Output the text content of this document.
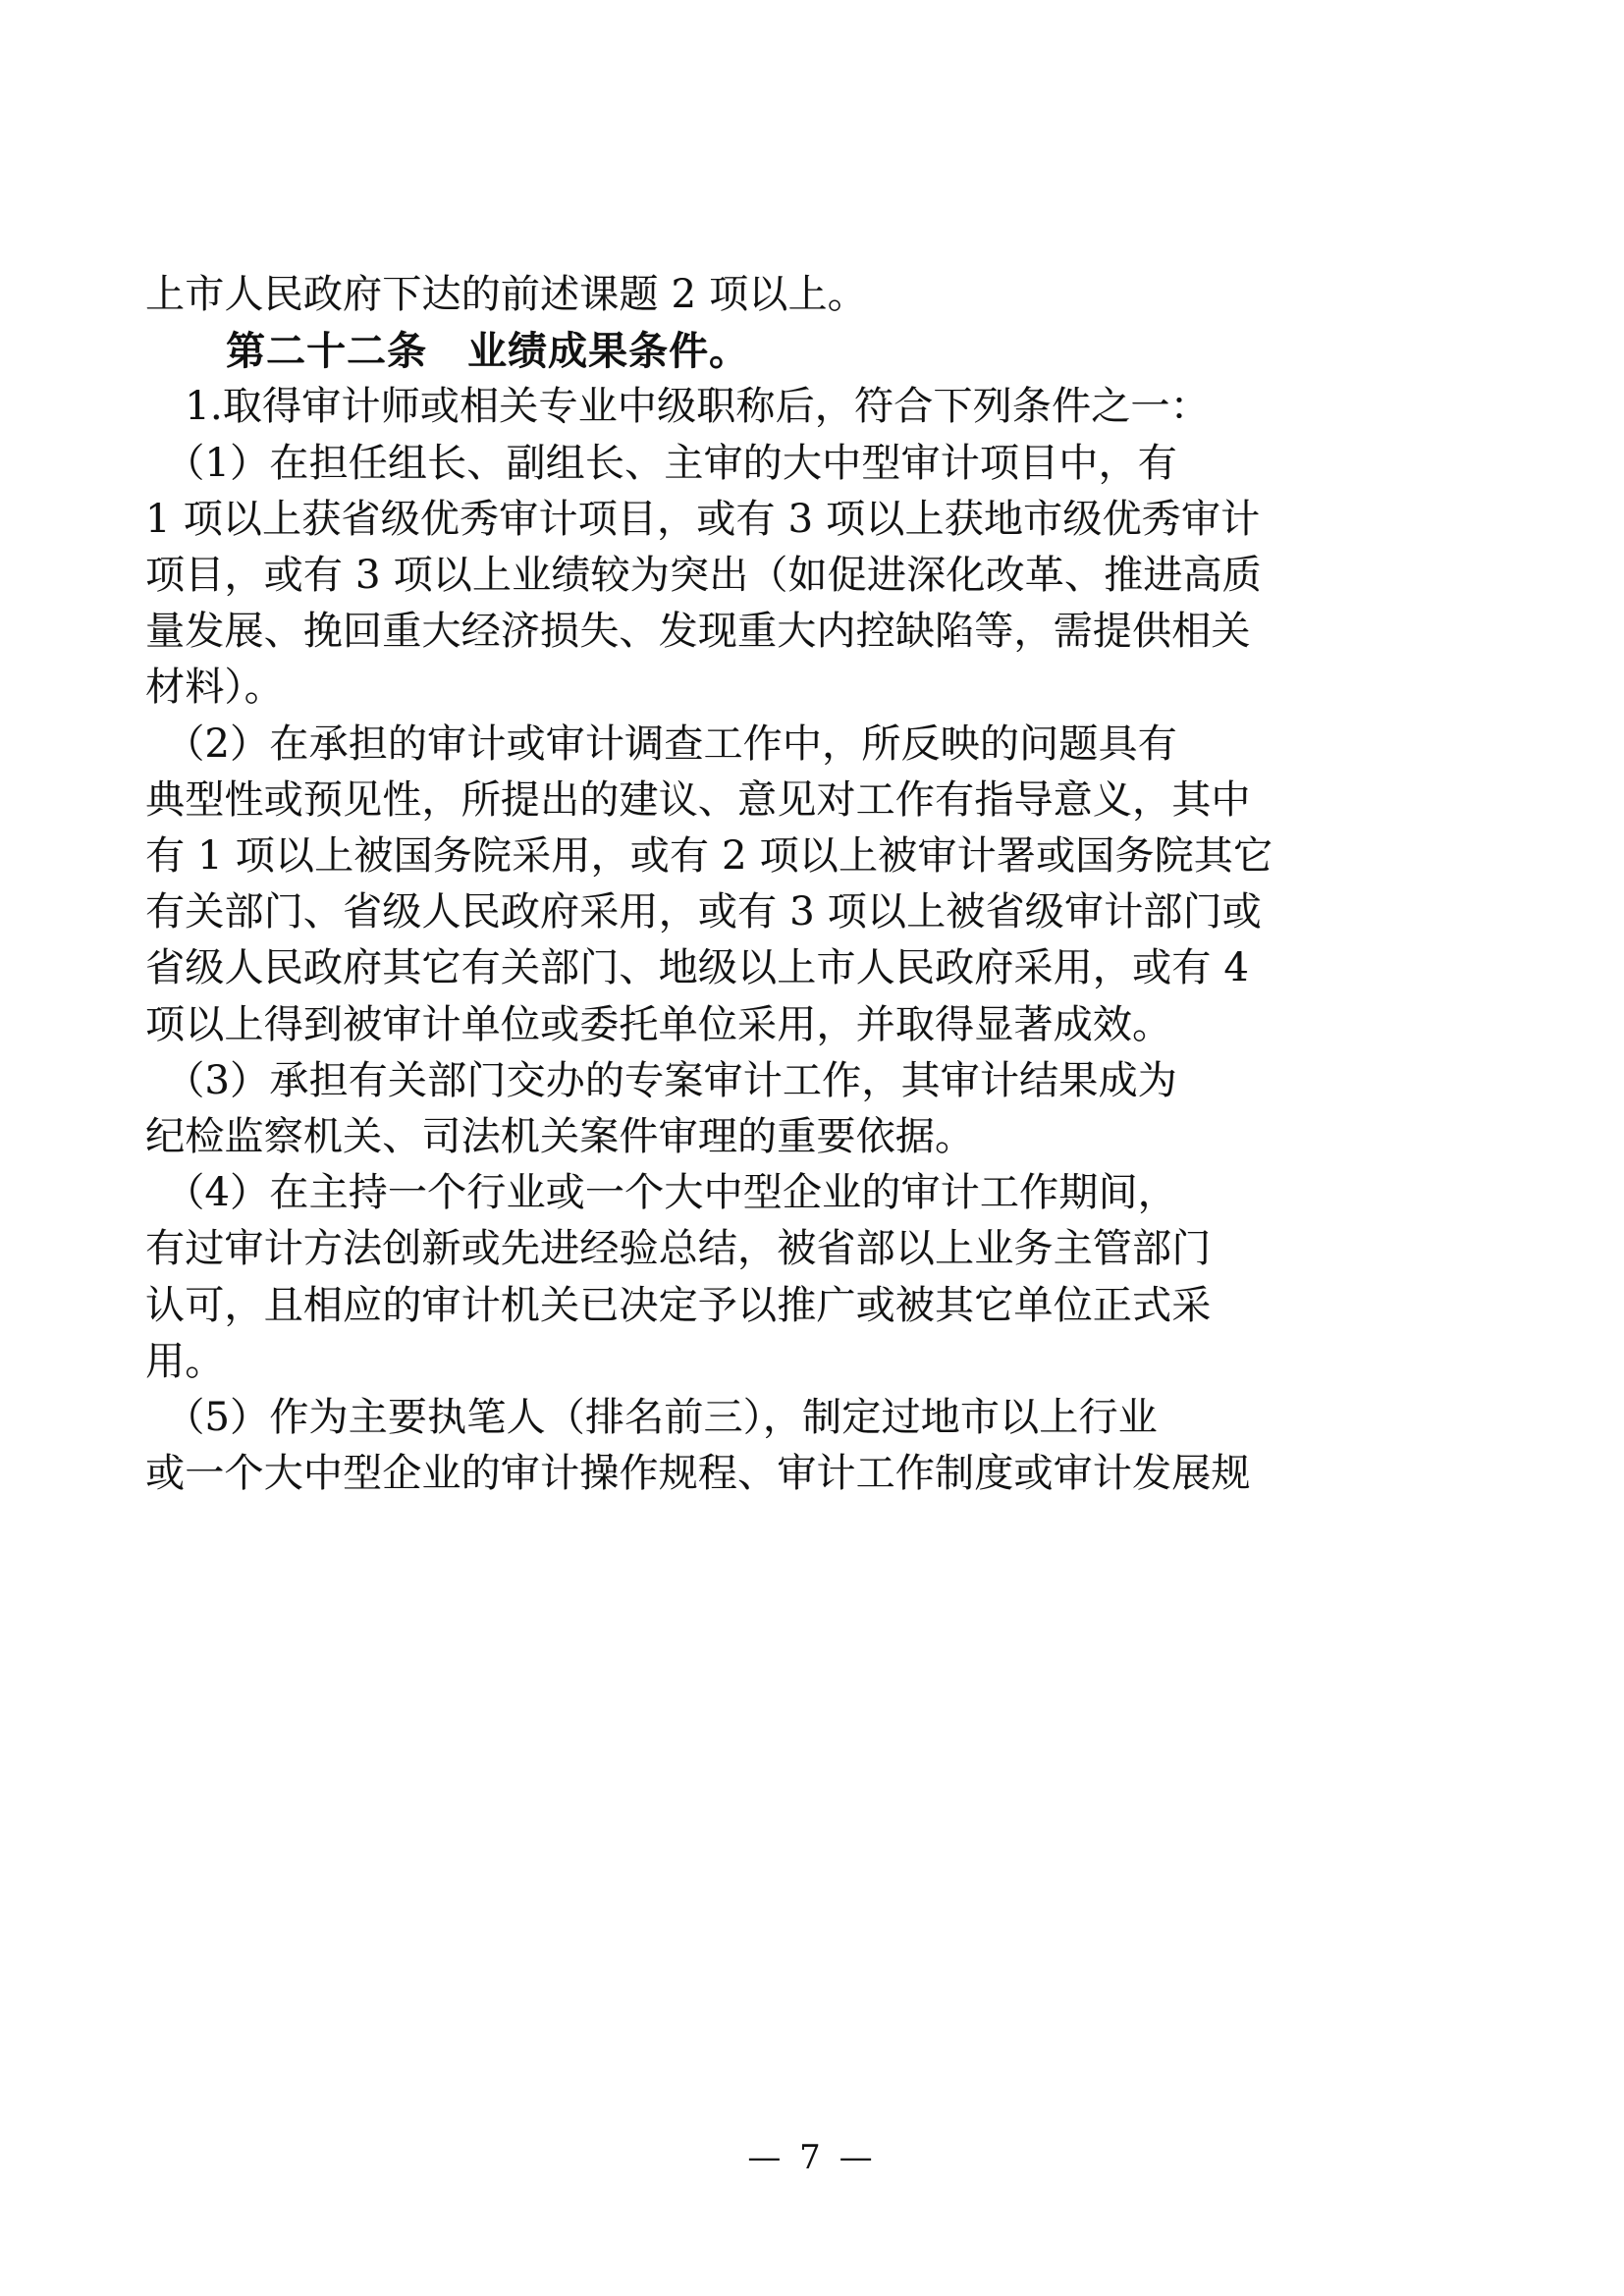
上市人民政府下达的前述课题 2 项以上。

　　第二十二条　业绩成果条件。

　1.取得审计师或相关专业中级职称后，符合下列条件之一：

　（1）在担任组长、副组长、主审的大中型审计项目中，有

1 项以上获省级优秀审计项目，或有 3 项以上获地市级优秀审计

项目，或有 3 项以上业绩较为突出（如促进深化改革、推进高质

量发展、挽回重大经济损失、发现重大内控缺陷等，需提供相关

材料）。

　（2）在承担的审计或审计调查工作中，所反映的问题具有

典型性或预见性，所提出的建议、意见对工作有指导意义，其中

有 1 项以上被国务院采用，或有 2 项以上被审计署或国务院其它

有关部门、省级人民政府采用，或有 3 项以上被省级审计部门或

省级人民政府其它有关部门、地级以上市人民政府采用，或有 4

项以上得到被审计单位或委托单位采用，并取得显著成效。

　（3）承担有关部门交办的专案审计工作，其审计结果成为

纪检监察机关、司法机关案件审理的重要依据。

　（4）在主持一个行业或一个大中型企业的审计工作期间，

有过审计方法创新或先进经验总结，被省部以上业务主管部门

认可，且相应的审计机关已决定予以推广或被其它单位正式采

用。

　（5）作为主要执笔人（排名前三），制定过地市以上行业

或一个大中型企业的审计操作规程、审计工作制度或审计发展规

— 7 —
